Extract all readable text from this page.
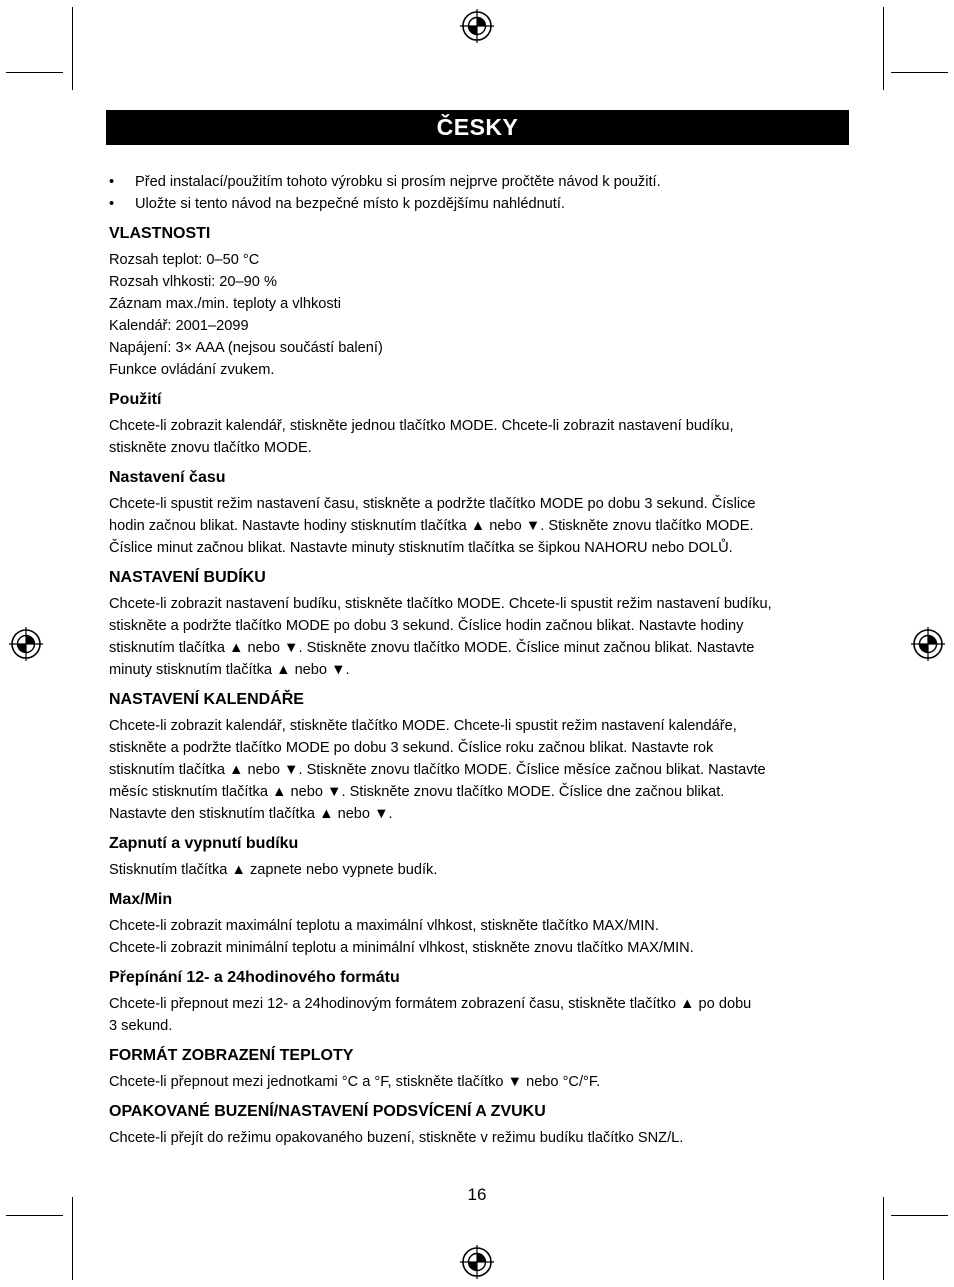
ČESKY
• Před instalací/použitím tohoto výrobku si prosím nejprve pročtěte návod k použití.
• Uložte si tento návod na bezpečné místo k pozdějšímu nahlédnutí.
VLASTNOSTI

Rozsah teplot: 0–50 °C
Rozsah vlhkosti: 20–90 %
Záznam max./min. teploty a vlhkosti
Kalendář: 2001–2099
Napájení: 3× AAA (nejsou součástí balení)
Funkce ovládání zvukem.

Použití

Chcete-li zobrazit kalendář, stiskněte jednou tlačítko MODE. Chcete-li zobrazit nastavení budíku,
stiskněte znovu tlačítko MODE.

Nastavení času

Chcete-li spustit režim nastavení času, stiskněte a podržte tlačítko MODE po dobu 3 sekund. Číslice
hodin začnou blikat. Nastavte hodiny stisknutím tlačítka ▲ nebo ▼. Stiskněte znovu tlačítko MODE.
Číslice minut začnou blikat. Nastavte minuty stisknutím tlačítka se šipkou NAHORU nebo DOLŮ.

NASTAVENÍ BUDÍKU

Chcete-li zobrazit nastavení budíku, stiskněte tlačítko MODE. Chcete-li spustit režim nastavení budíku,
stiskněte a podržte tlačítko MODE po dobu 3 sekund. Číslice hodin začnou blikat. Nastavte hodiny
stisknutím tlačítka ▲ nebo ▼. Stiskněte znovu tlačítko MODE. Číslice minut začnou blikat. Nastavte
minuty stisknutím tlačítka ▲ nebo ▼.

NASTAVENÍ KALENDÁŘE

Chcete-li zobrazit kalendář, stiskněte tlačítko MODE. Chcete-li spustit režim nastavení kalendáře,
stiskněte a podržte tlačítko MODE po dobu 3 sekund. Číslice roku začnou blikat. Nastavte rok
stisknutím tlačítka ▲ nebo ▼. Stiskněte znovu tlačítko MODE. Číslice měsíce začnou blikat. Nastavte
měsíc stisknutím tlačítka ▲ nebo ▼. Stiskněte znovu tlačítko MODE. Číslice dne začnou blikat.
Nastavte den stisknutím tlačítka ▲ nebo ▼.

Zapnutí a vypnutí budíku

Stisknutím tlačítka ▲ zapnete nebo vypnete budík.

Max/Min

Chcete-li zobrazit maximální teplotu a maximální vlhkost, stiskněte tlačítko MAX/MIN.
Chcete-li zobrazit minimální teplotu a minimální vlhkost, stiskněte znovu tlačítko MAX/MIN.

Přepínání 12- a 24hodinového formátu

Chcete-li přepnout mezi 12- a 24hodinovým formátem zobrazení času, stiskněte tlačítko ▲ po dobu
3 sekund.

FORMÁT ZOBRAZENÍ TEPLOTY

Chcete-li přepnout mezi jednotkami °C a °F, stiskněte tlačítko ▼ nebo °C/°F.

OPAKOVANÉ BUZENÍ/NASTAVENÍ PODSVÍCENÍ A ZVUKU

Chcete-li přejít do režimu opakovaného buzení, stiskněte v režimu budíku tlačítko SNZ/L.

16
